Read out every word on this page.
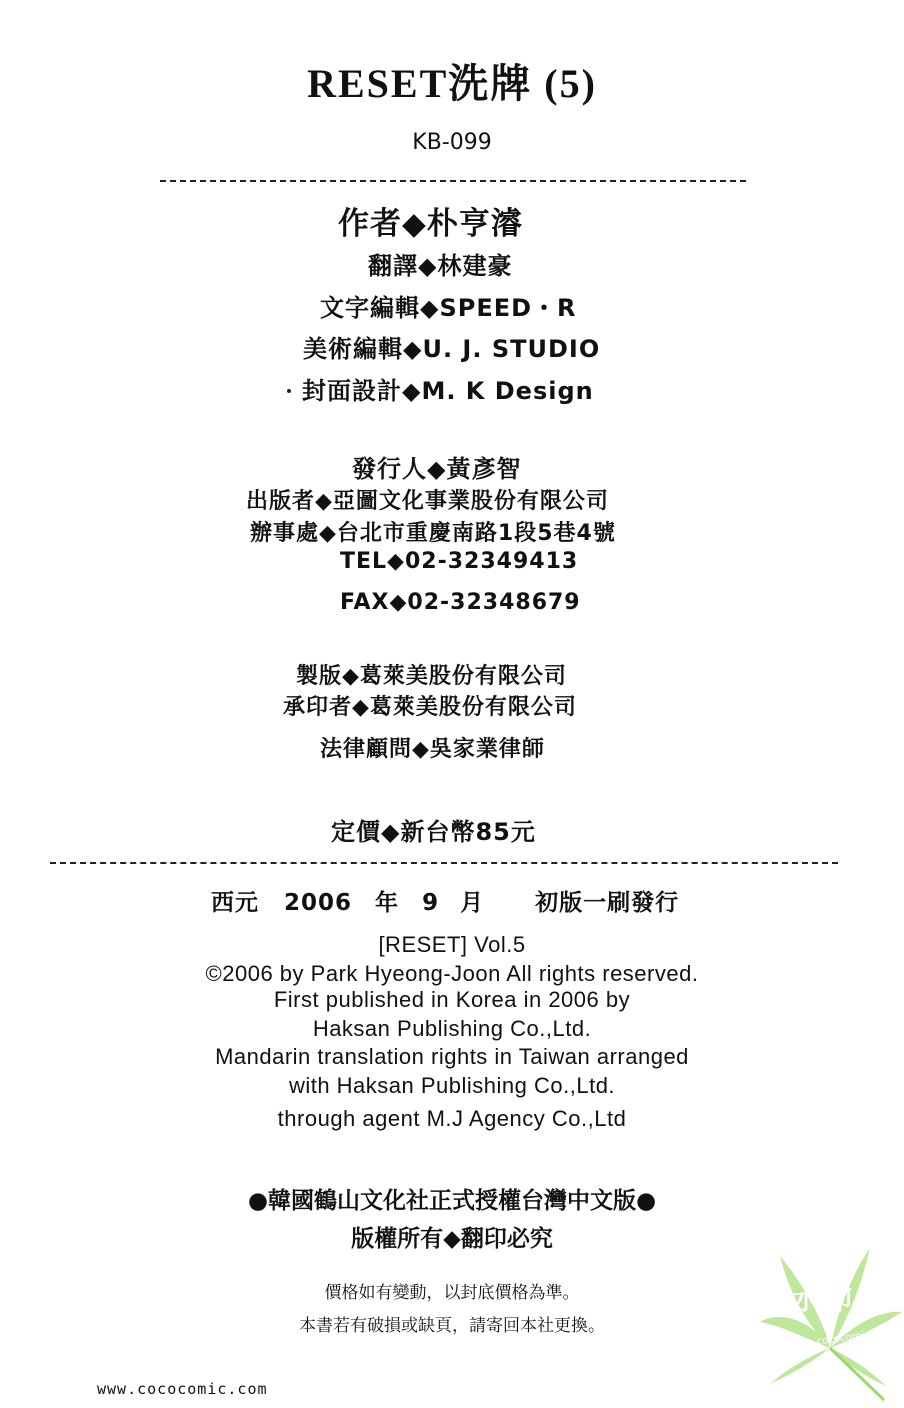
RESET洗牌 (5)
KB-099
作者◆朴亨濬
翻譯◆林建豪
文字編輯◆SPEED・R
美術編輯◆U. J. STUDIO
封面設計◆M. K Design
發行人◆黃彥智
出版者◆亞圖文化事業股份有限公司
辦事處◆台北市重慶南路1段5巷4號
TEL◆02-32349413
FAX◆02-32348679
製版◆葛萊美股份有限公司
承印者◆葛萊美股份有限公司
法律顧問◆吳家業律師
定價◆新台幣85元
西元 2006 年 9 月 初版一刷發行
[RESET] Vol.5
©2006 by Park Hyeong-Joon All rights reserved.
First published in Korea in 2006 by
Haksan Publishing Co.,Ltd.
Mandarin translation rights in Taiwan arranged
with Haksan Publishing Co.,Ltd.
through agent M.J Agency Co.,Ltd
●韓國鶴山文化社正式授權台灣中文版●
版權所有◆翻印必究
價格如有變動，以封底價格為準。
本書若有破損或缺頁，請寄回本社更換。
www.cococomic.com
水印
Scan by cococomic
